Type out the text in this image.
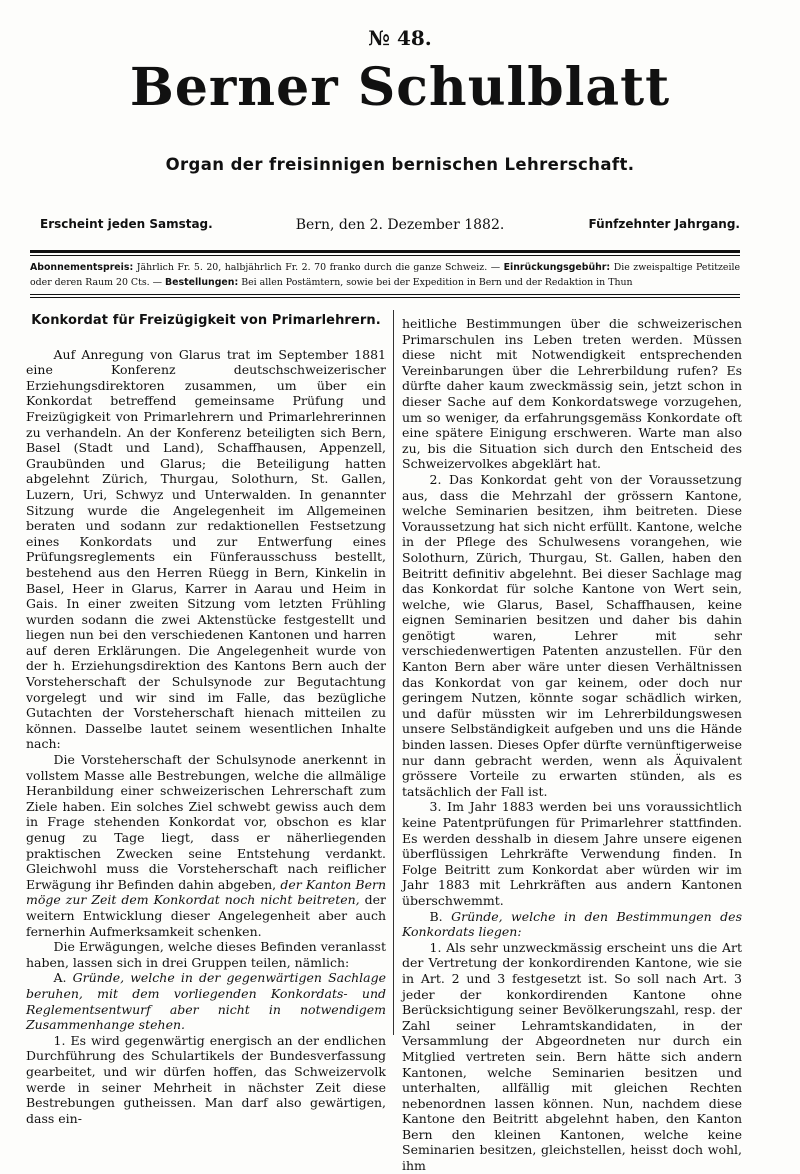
№ 48.
Berner Schulblatt
Organ der freisinnigen bernischen Lehrerschaft.
Erscheint jeden Samstag.	Bern, den 2. Dezember 1882.	Fünfzehnter Jahrgang.
Abonnementspreis: Jährlich Fr. 5. 20, halbjährlich Fr. 2. 70 franko durch die ganze Schweiz. — Einrückungsgebühr: Die zweispaltige Petitzeile oder deren Raum 20 Cts. — Bestellungen: Bei allen Postämtern, sowie bei der Expedition in Bern und der Redaktion in Thun
Konkordat für Freizügigkeit von Primarlehrern.

Auf Anregung von Glarus trat im September 1881 eine Konferenz deutschschweizerischer Erziehungsdirektoren zusammen, um über ein Konkordat betreffend gemeinsame Prüfung und Freizügigkeit von Primarlehrern und Primarlehrerinnen zu verhandeln. An der Konferenz beteiligten sich Bern, Basel (Stadt und Land), Schaffhausen, Appenzell, Graubünden und Glarus; die Beteiligung hatten abgelehnt Zürich, Thurgau, Solothurn, St. Gallen, Luzern, Uri, Schwyz und Unterwalden. In genannter Sitzung wurde die Angelegenheit im Allgemeinen beraten und sodann zur redaktionellen Festsetzung eines Konkordats und zur Entwerfung eines Prüfungsreglements ein Fünferausschuss bestellt, bestehend aus den Herren Rüegg in Bern, Kinkelin in Basel, Heer in Glarus, Karrer in Aarau und Heim in Gais. In einer zweiten Sitzung vom letzten Frühling wurden sodann die zwei Aktenstücke festgestellt und liegen nun bei den verschiedenen Kantonen und harren auf deren Erklärungen. Die Angelegenheit wurde von der h. Erziehungsdirektion des Kantons Bern auch der Vorsteherschaft der Schulsynode zur Begutachtung vorgelegt und wir sind im Falle, das bezügliche Gutachten der Vorsteherschaft hienach mitteilen zu können. Dasselbe lautet seinem wesentlichen Inhalte nach:

Die Vorsteherschaft der Schulsynode anerkennt in vollstem Masse alle Bestrebungen, welche die allmälige Heranbildung einer schweizerischen Lehrerschaft zum Ziele haben. Ein solches Ziel schwebt gewiss auch dem in Frage stehenden Konkordat vor, obschon es klar genug zu Tage liegt, dass er näherliegenden praktischen Zwecken seine Entstehung verdankt. Gleichwohl muss die Vorsteherschaft nach reiflicher Erwägung ihr Befinden dahin abgeben, der Kanton Bern möge zur Zeit dem Konkordat noch nicht beitreten, der weitern Entwicklung dieser Angelegenheit aber auch fernerhin Aufmerksamkeit schenken.

Die Erwägungen, welche dieses Befinden veranlasst haben, lassen sich in drei Gruppen teilen, nämlich:

A. Gründe, welche in der gegenwärtigen Sachlage beruhen, mit dem vorliegenden Konkordats- und Reglementsentwurf aber nicht in notwendigem Zusammenhange stehen.

1. Es wird gegenwärtig energisch an der endlichen Durchführung des Schulartikels der Bundesverfassung gearbeitet, und wir dürfen hoffen, das Schweizervolk werde in seiner Mehrheit in nächster Zeit diese Bestrebungen gutheissen. Man darf also gewärtigen, dass ein-

heitliche Bestimmungen über die schweizerischen Primarschulen ins Leben treten werden. Müssen diese nicht mit Notwendigkeit entsprechenden Vereinbarungen über die Lehrerbildung rufen? Es dürfte daher kaum zweckmässig sein, jetzt schon in dieser Sache auf dem Konkordatswege vorzugehen, um so weniger, da erfahrungsgemäss Konkordate oft eine spätere Einigung erschweren. Warte man also zu, bis die Situation sich durch den Entscheid des Schweizervolkes abgeklärt hat.

2. Das Konkordat geht von der Voraussetzung aus, dass die Mehrzahl der grössern Kantone, welche Seminarien besitzen, ihm beitreten. Diese Voraussetzung hat sich nicht erfüllt. Kantone, welche in der Pflege des Schulwesens vorangehen, wie Solothurn, Zürich, Thurgau, St. Gallen, haben den Beitritt definitiv abgelehnt. Bei dieser Sachlage mag das Konkordat für solche Kantone von Wert sein, welche, wie Glarus, Basel, Schaffhausen, keine eignen Seminarien besitzen und daher bis dahin genötigt waren, Lehrer mit sehr verschiedenwertigen Patenten anzustellen. Für den Kanton Bern aber wäre unter diesen Verhältnissen das Konkordat von gar keinem, oder doch nur geringem Nutzen, könnte sogar schädlich wirken, und dafür müssten wir im Lehrerbildungswesen unsere Selbständigkeit aufgeben und uns die Hände binden lassen. Dieses Opfer dürfte vernünftigerweise nur dann gebracht werden, wenn als Äquivalent grössere Vorteile zu erwarten stünden, als es tatsächlich der Fall ist.

3. Im Jahr 1883 werden bei uns voraussichtlich keine Patentprüfungen für Primarlehrer stattfinden. Es werden desshalb in diesem Jahre unsere eigenen überflüssigen Lehrkräfte Verwendung finden. In Folge Beitritt zum Konkordat aber würden wir im Jahr 1883 mit Lehrkräften aus andern Kantonen überschwemmt.

B. Gründe, welche in den Bestimmungen des Konkordats liegen:

1. Als sehr unzweckmässig erscheint uns die Art der Vertretung der konkordirenden Kantone, wie sie in Art. 2 und 3 festgesetzt ist. So soll nach Art. 3 jeder der konkordirenden Kantone ohne Berücksichtigung seiner Bevölkerungszahl, resp. der Zahl seiner Lehramtskandidaten, in der Versammlung der Abgeordneten nur durch ein Mitglied vertreten sein. Bern hätte sich andern Kantonen, welche Seminarien besitzen und unterhalten, allfällig mit gleichen Rechten nebenordnen lassen können. Nun, nachdem diese Kantone den Beitritt abgelehnt haben, den Kanton Bern den kleinen Kantonen, welche keine Seminarien besitzen, gleichstellen, heisst doch wohl, ihm
